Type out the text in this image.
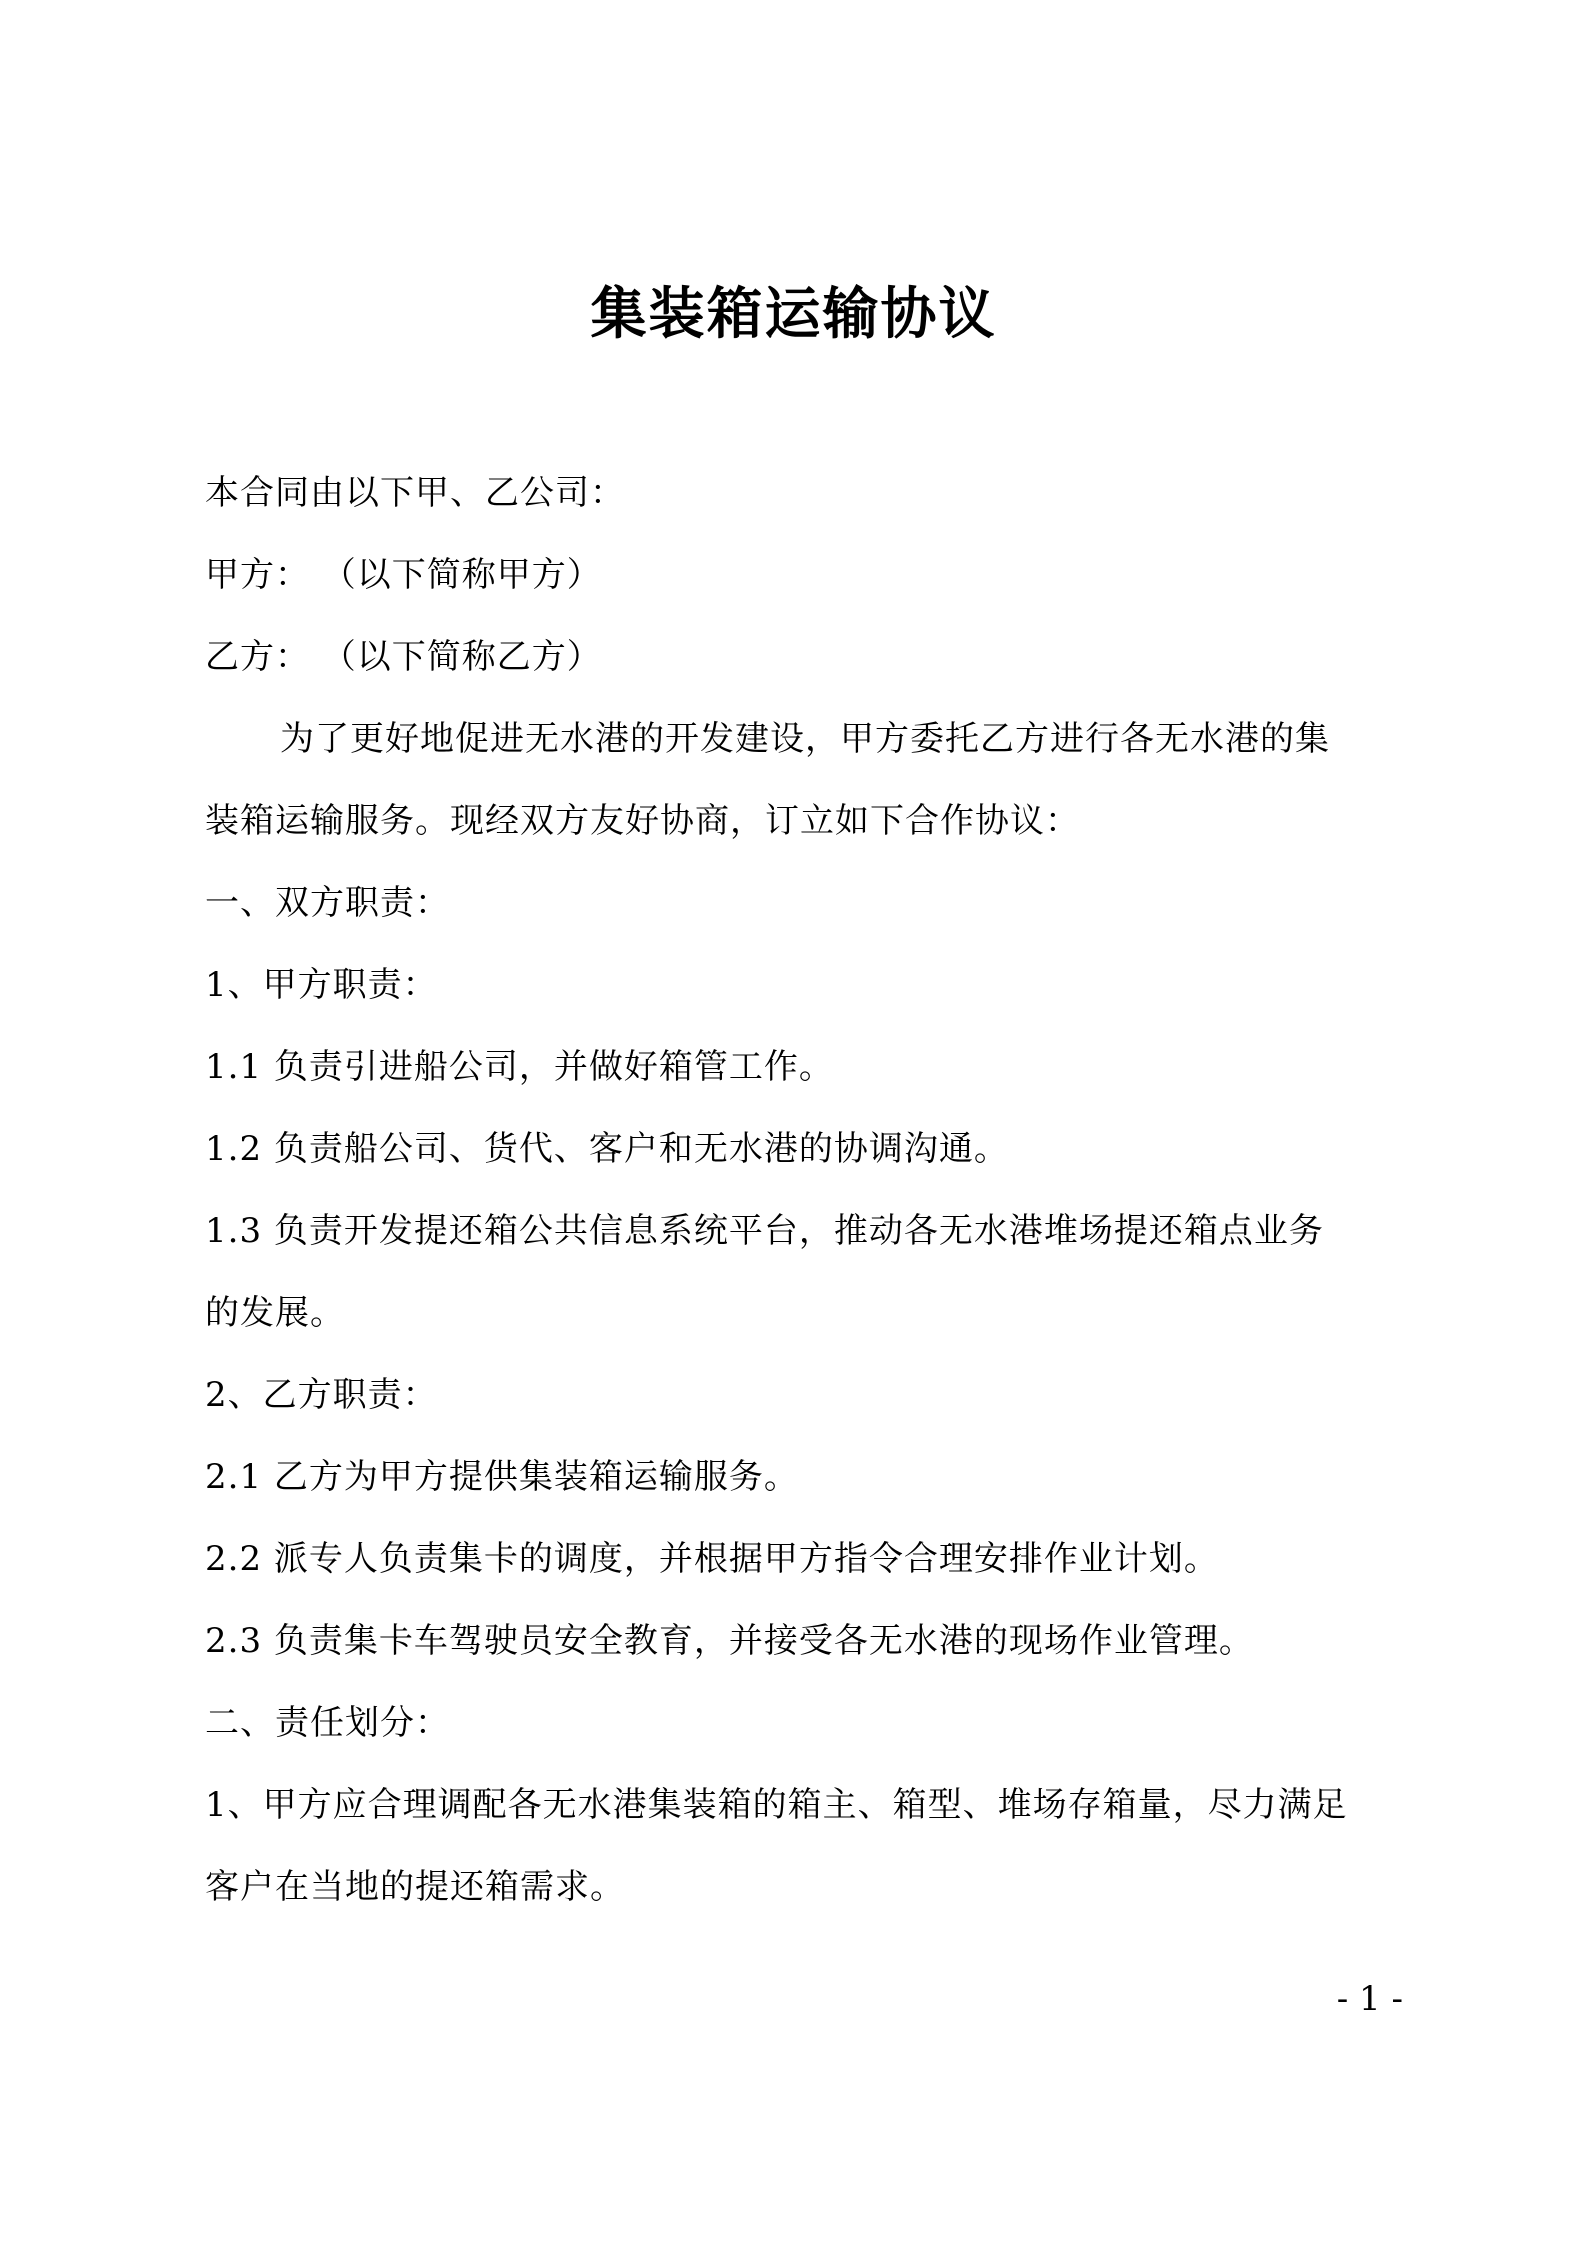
集装箱运输协议
本合同由以下甲、乙公司：
甲方： （以下简称甲方）
乙方： （以下简称乙方）
为了更好地促进无水港的开发建设，甲方委托乙方进行各无水港的集
装箱运输服务。现经双方友好协商，订立如下合作协议：
一、双方职责：
1、甲方职责：
1.1 负责引进船公司，并做好箱管工作。
1.2 负责船公司、货代、客户和无水港的协调沟通。
1.3 负责开发提还箱公共信息系统平台，推动各无水港堆场提还箱点业务
的发展。
2、乙方职责：
2.1 乙方为甲方提供集装箱运输服务。
2.2 派专人负责集卡的调度，并根据甲方指令合理安排作业计划。
2.3 负责集卡车驾驶员安全教育，并接受各无水港的现场作业管理。
二、责任划分：
1、甲方应合理调配各无水港集装箱的箱主、箱型、堆场存箱量，尽力满足
客户在当地的提还箱需求。
- 1 -
